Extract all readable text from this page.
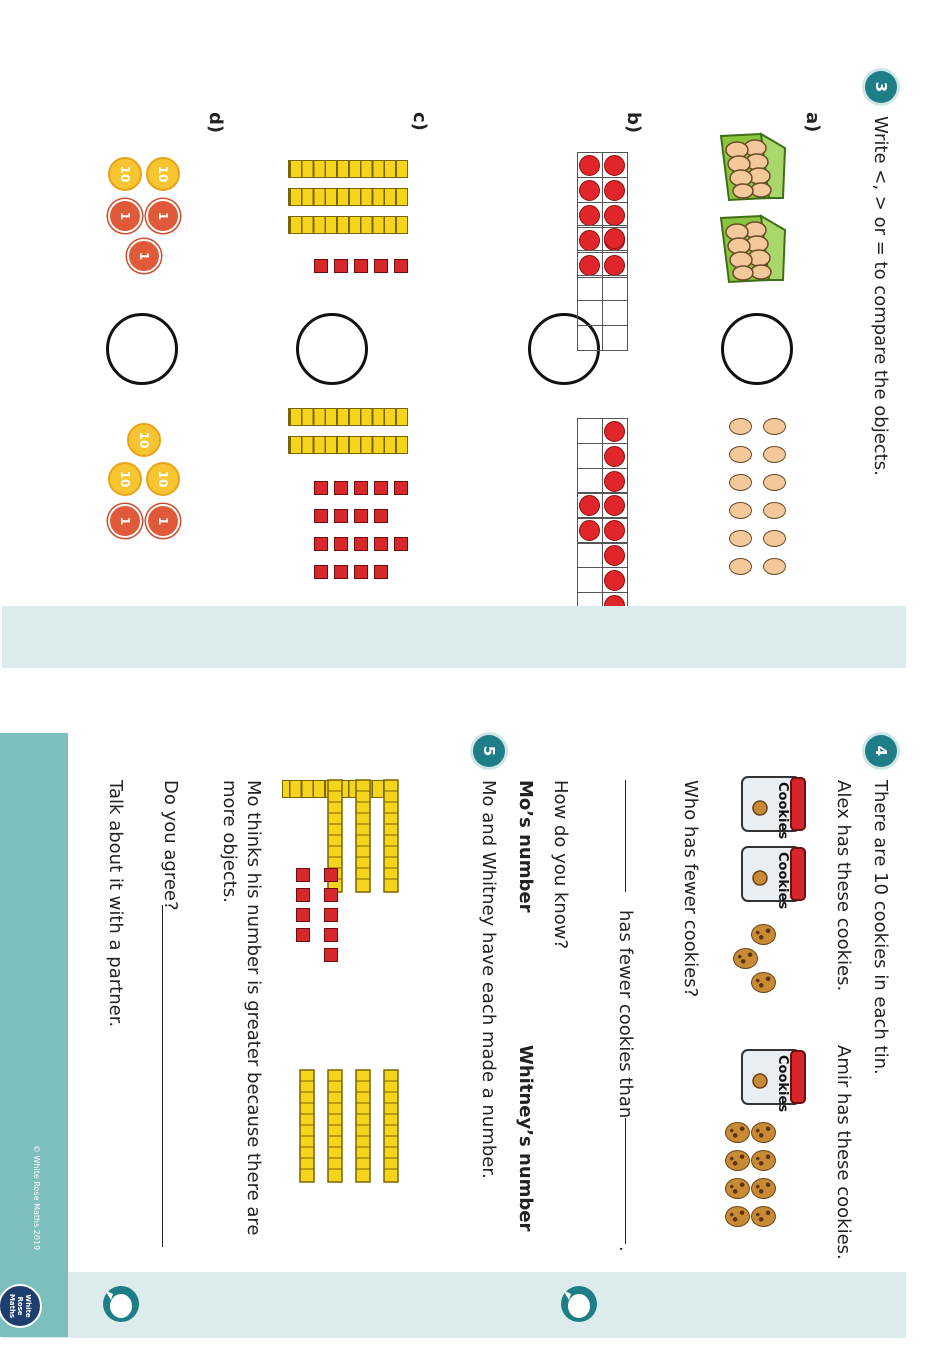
3
Write <, > or = to compare the objects.
a)
b)
c)
d)

10	10
1	1
1
10
10	10
1	1
4
There are 10 cookies in each tin.
Alex has these cookies.
Amir has these cookies.
Cookies
Cookies
Cookies
Who has fewer cookies?
has fewer cookies than
.
How do you know?
5
Mo and Whitney have each made a number. Mo’s number
Whitney’s number
Mo thinks his number is greater because there are
more objects.
Do you agree?
Talk about it with a partner.
© White Rose Maths 2019
White Rose Maths
